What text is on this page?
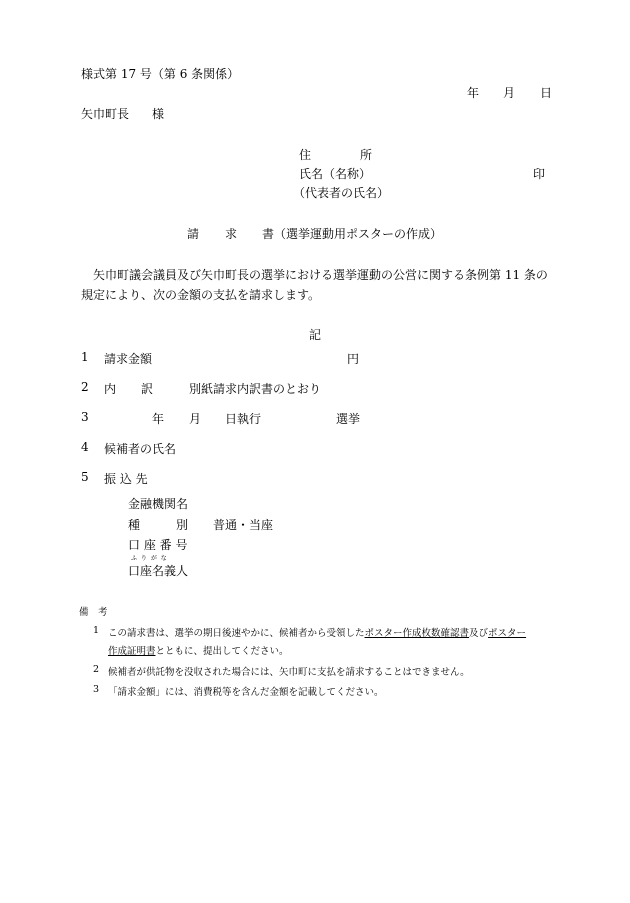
様式第 17 号（第 6 条関係）
年 月 日
矢巾町長 様
住	所
氏名（名称）	印
（代表者の氏名）
請 求 書 （選挙運動用ポスターの作成）
矢巾町議会議員及び矢巾町長の選挙における選挙運動の公営に関する条例第 11 条の
規定により、次の金額の支払を請求します。
記
1 請求金額	円
2 内 訳	別紙請求内訳書のとおり
3	年 月 日執行	選挙
4 候補者の氏名
5 振 込 先
金融機関名
種	別 普通・当座
口 座 番 号
ふ り が な
口座名義人
備　考
1 この請求書は、選挙の期日後速やかに、候補者から受領したポスター作成枚数確認書及びポスター
作成証明書とともに、提出してください。
2 候補者が供託物を没収された場合には、矢巾町に支払を請求することはできません。
3 「請求金額」には、消費税等を含んだ金額を記載してください。
